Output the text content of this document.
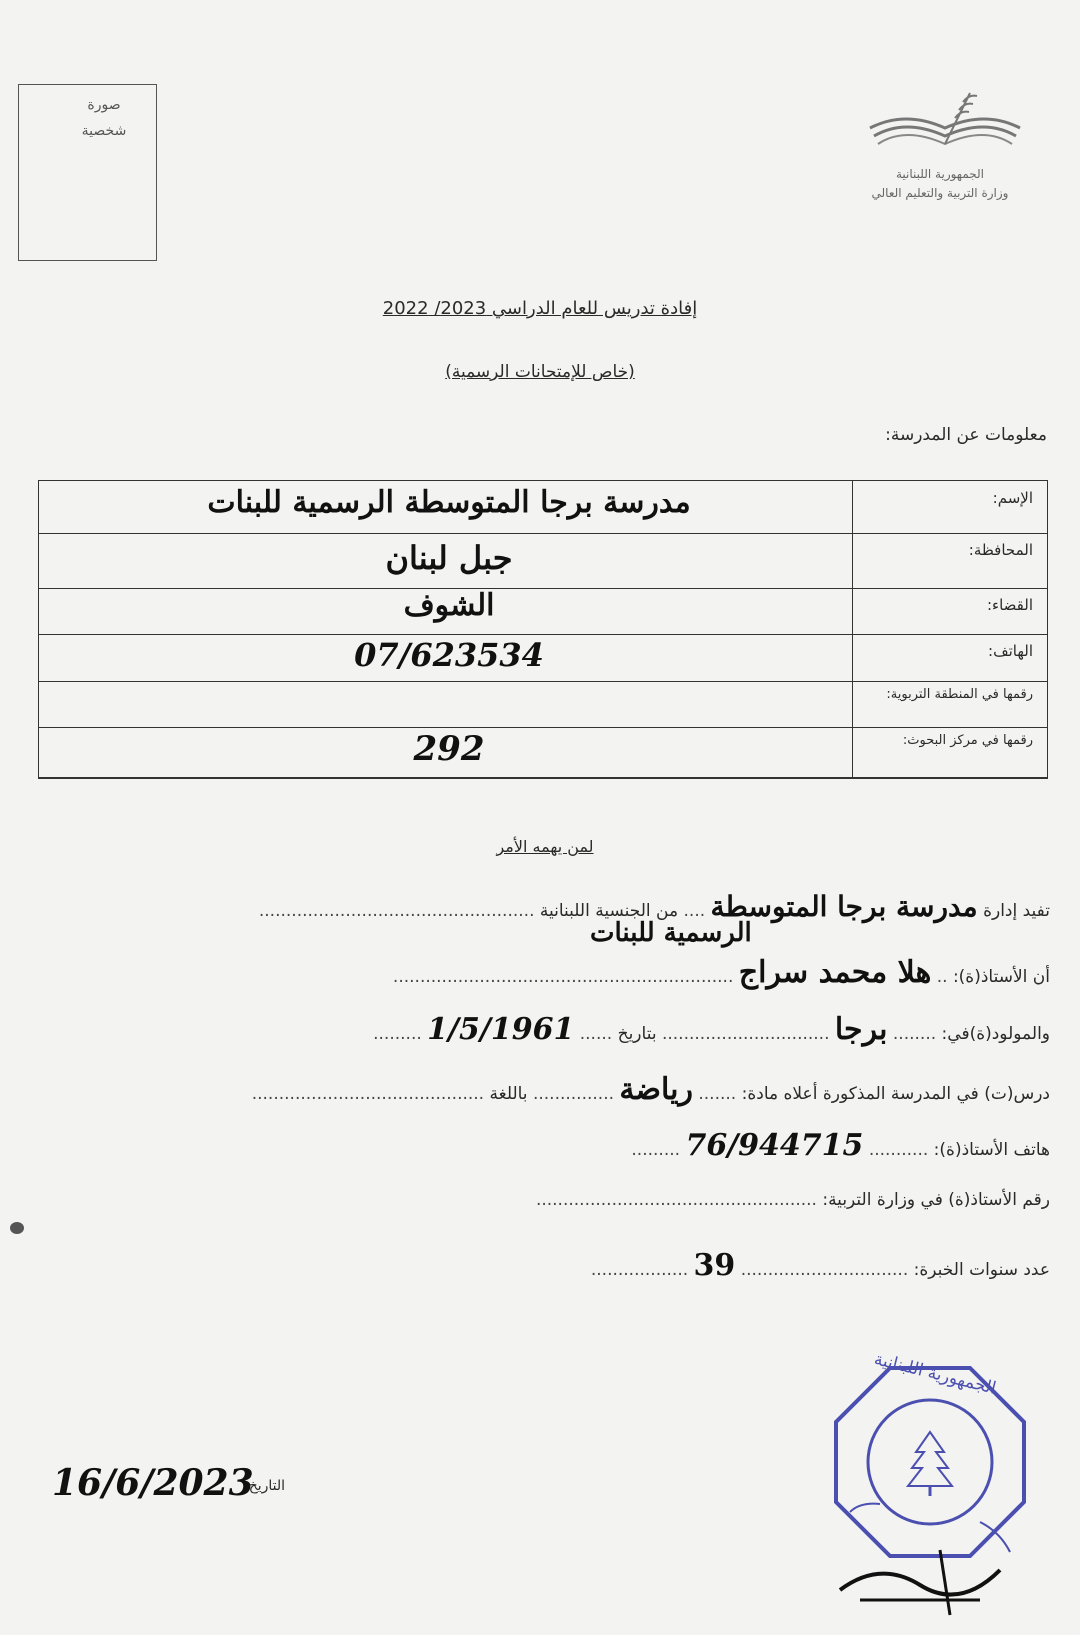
صورة
شخصية
الجمهورية اللبنانية
وزارة التربية والتعليم العالي
إفادة تدريس للعام الدراسي 2023/ 2022
(خاص للإمتحانات الرسمية)
معلومات عن المدرسة:
الإسم:
مدرسة برجا المتوسطة الرسمية للبنات
المحافظة:
جبل لبنان
القضاء:
الشوف
الهاتف:
07/623534
رقمها في المنطقة التربوية:
رقمها في مركز البحوث:
292
لمن يهمه الأمر
تفيد إدارة مدرسة برجا المتوسطة .... من الجنسية اللبنانية ...................................................
الرسمية للبنات
أن الأستاذ(ة): .. هلا محمد سراج ...............................................................
والمولود(ة)في: ........ برجا ............................... بتاريخ ...... 1/5/1961 .........
درس(ت) في المدرسة المذكورة أعلاه مادة: ....... رياضة ............... باللغة ...........................................
هاتف الأستاذ(ة): ........... 76/944715 .........
رقم الأستاذ(ة) في وزارة التربية: ....................................................
عدد سنوات الخبرة: ............................... 39 ..................
التاريخ:
16/6/2023
الجمهورية اللبنانية
